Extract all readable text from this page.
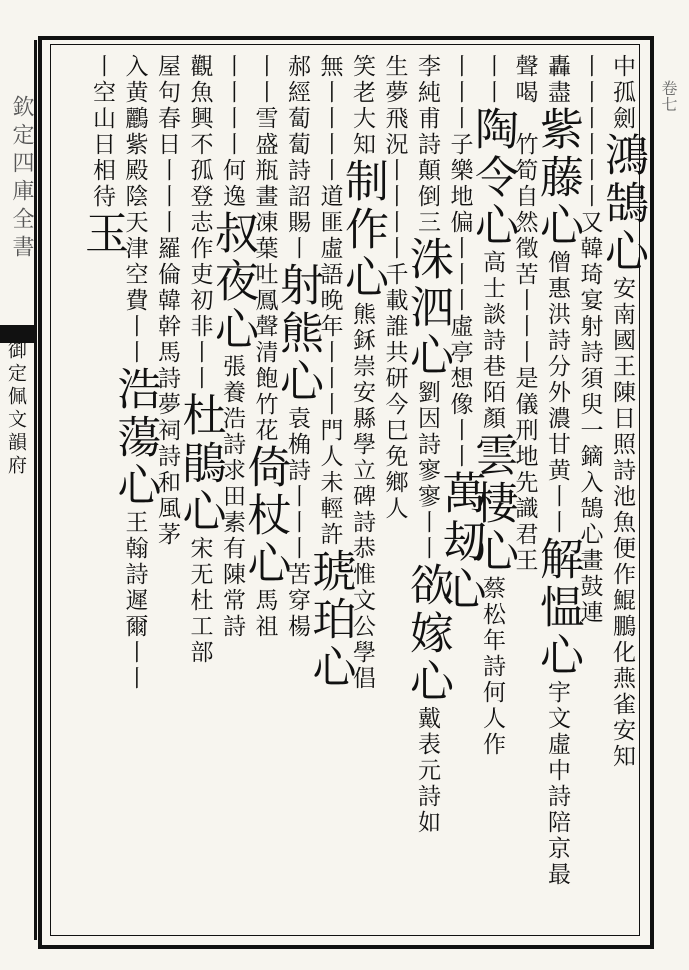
欽定四庫全書
御定佩文韻府
卷七
中孤劍鴻鵠心安南國王陳日照詩池魚便作鯤鵬化燕雀安知
丨丨丨丨丨丨又韓琦宴射詩須臾一鏑入鵠心畫鼓連
轟盡紫藤心僧惠洪詩分外濃甘黄丨丨解愠心宇文虛中詩陪京最
聲喝　竹筍自然徵苦丨丨丨是儀刑地先識君王
丨丨陶令心高士談詩巷陌顏雲棲心蔡松年詩何人作
丨丨丨子樂地偏丨丨丨虛亭想像丨丨萬刼心
李純甫詩顛倒三洙泗心劉因詩寥寥丨丨欲嫁心戴表元詩如
生夢飛況丨丨丨丨千載誰共研今巳免鄉人
笑老大知制作心熊鉌崇安縣學立碑詩恭惟文公學倡
無丨丨丨丨道匪虛語晚年丨丨丨門人未輕許琥珀心
郝經蔔蔔詩詔賜丨射熊心袁桷詩丨丨丨苦穿楊
丨丨雪盛瓶畫凍葉吐鳳聲清飽竹花倚杖心馬祖
丨丨丨丨何逸叔夜心張養浩詩求田素有陳常詩
觀魚興不孤登志作吏初非丨丨杜鵑心宋无杜工部
屋句春日丨丨丨羅倫韓幹馬詩夢祠詩和風茅
入黄鸝紫殿陰天津空費丨丨浩蕩心王翰詩遲爾丨丨
丨空山日相待玉
